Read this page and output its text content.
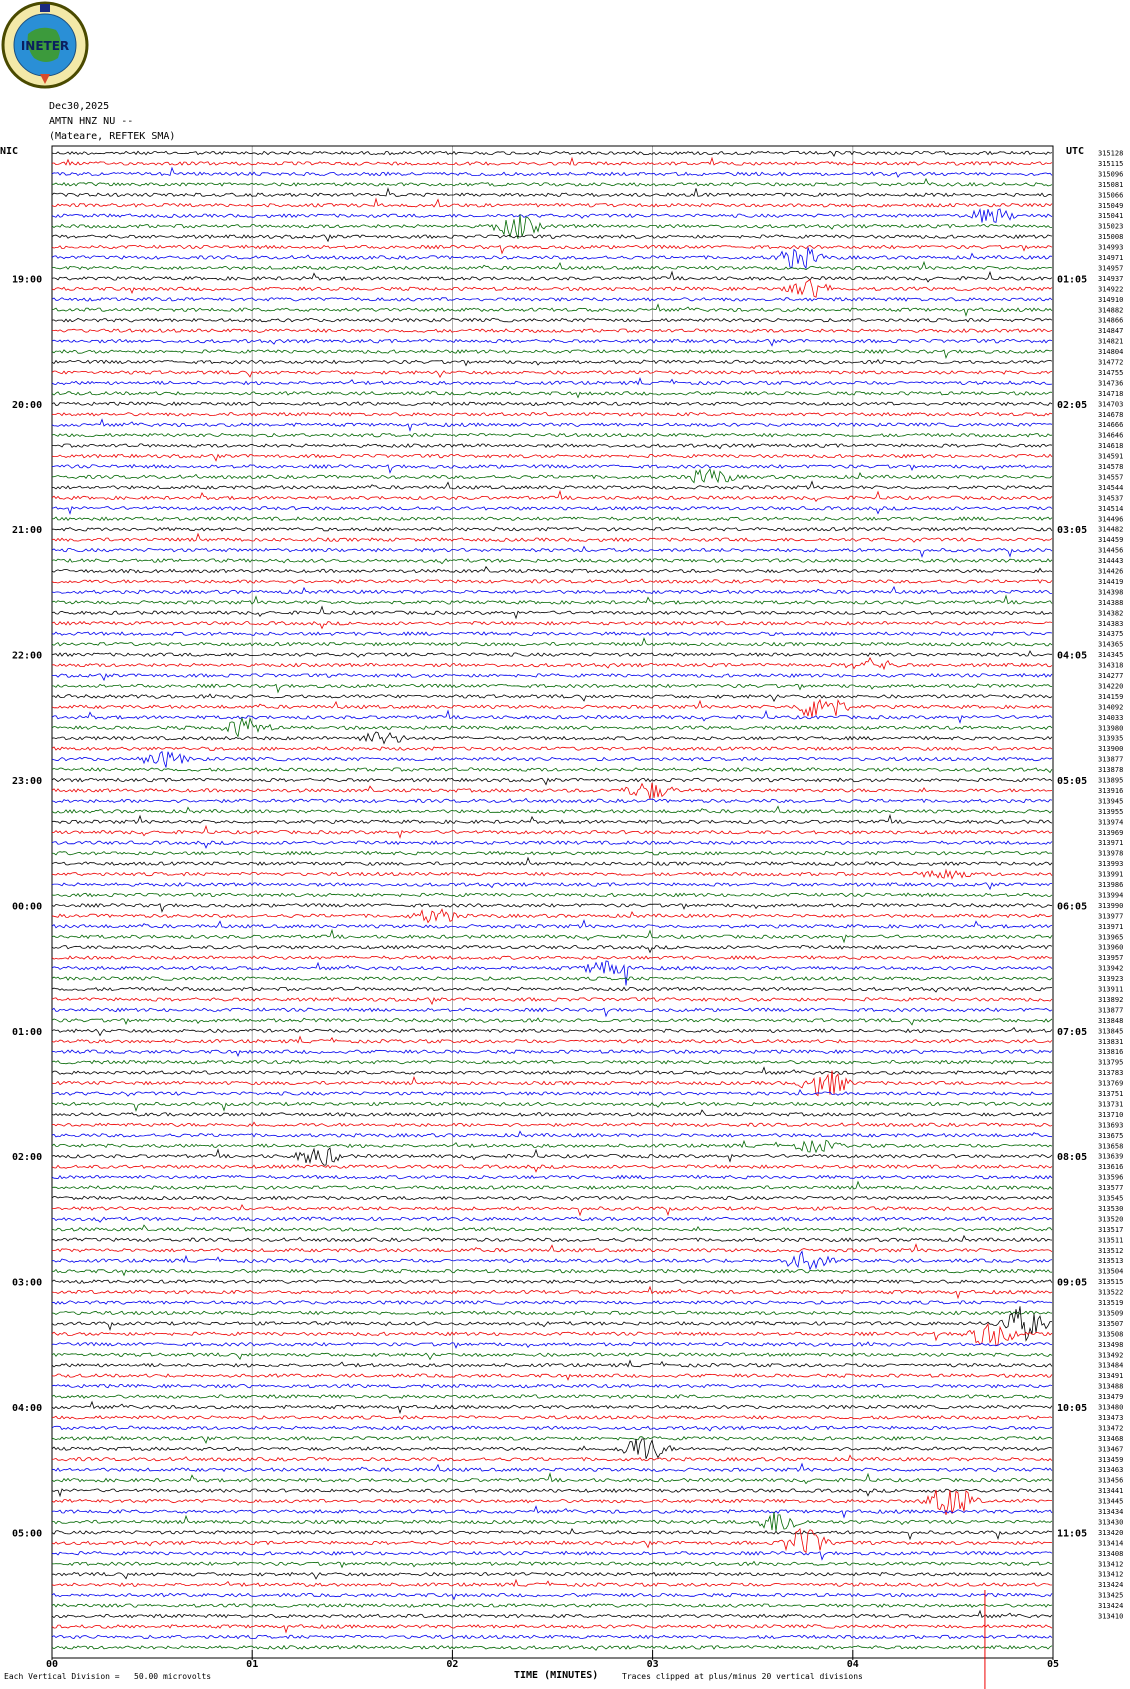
INETER
Dec30,2025
AMTN HNZ NU --
(Mateare, REFTEK SMA)
NIC	UTC
19:00
20:00
21:00
22:00
23:00
00:00
01:00
02:00
03:00
04:00
05:00
01:05
02:05
03:05
04:05
05:05
06:05
07:05
08:05
09:05
10:05
11:05
315128
315115
315096
315081
315066
315049
315041
315023
315008
314993
314971
314957
314937
314922
314910
314882
314866
314847
314821
314804
314772
314755
314736
314718
314703
314678
314666
314646
314618
314591
314578
314557
314544
314537
314514
314496
314482
314459
314456
314443
314426
314419
314398
314388
314382
314383
314375
314365
314345
314318
314277
314220
314159
314092
314033
313980
313935
313900
313877
313878
313895
313916
313945
313955
313974
313969
313971
313978
313993
313991
313986
313994
313990
313977
313971
313965
313960
313957
313942
313923
313911
313892
313877
313848
313845
313831
313816
313795
313783
313769
313751
313731
313710
313693
313675
313658
313639
313616
313596
313577
313545
313530
313520
313517
313511
313512
313513
313504
313515
313522
313519
313509
313507
313508
313498
313492
313484
313491
313488
313479
313480
313473
313472
313468
313467
313459
313463
313456
313441
313445
313434
313430
313420
313414
313408
313412
313412
313424
313425
313424
313410
00	01	02	03	04	05
Each Vertical Division =   50.00 microvolts	TIME (MINUTES)	Traces clipped at plus/minus 20 vertical divisions
